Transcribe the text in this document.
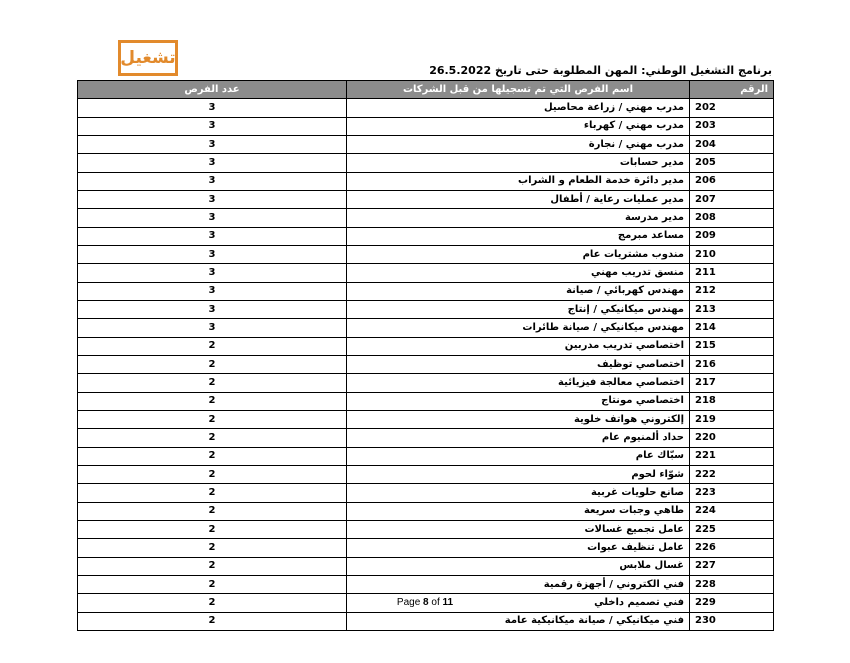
تشغيل
برنامج التشغيل الوطني: المهن المطلوبة حتى تاريخ 26.5.2022
الرقم	اسم الفرص التي تم تسجيلها من قبل الشركات	عدد الفرص
202	مدرب مهني / زراعة محاصيل	3
203	مدرب مهني / كهرباء	3
204	مدرب مهني / نجارة	3
205	مدير حسابات	3
206	مدير دائرة خدمة الطعام و الشراب	3
207	مدير عمليات رعاية / أطفال	3
208	مدير مدرسة	3
209	مساعد مبرمج	3
210	مندوب مشتريات عام	3
211	منسق تدريب مهني	3
212	مهندس كهربائي / صيانة	3
213	مهندس ميكانيكي / إنتاج	3
214	مهندس ميكانيكي / صيانة طائرات	3
215	اختصاصي تدريب مدربين	2
216	اختصاصي توظيف	2
217	اختصاصي معالجة فيزيائية	2
218	اختصاصي مونتاج	2
219	إلكتروني هواتف خلوية	2
220	حداد ألمنيوم عام	2
221	سبّاك عام	2
222	شوّاء لحوم	2
223	صانع حلويات غربية	2
224	طاهي وجبات سريعة	2
225	عامل تجميع غسالات	2
226	عامل تنظيف عبوات	2
227	غسال ملابس	2
228	فني الكتروني / أجهزة رقمية	2
229	فني تصميم داخلي	2
230	فني ميكانيكي / صيانة ميكانيكية عامة	2
Page 8 of 11
